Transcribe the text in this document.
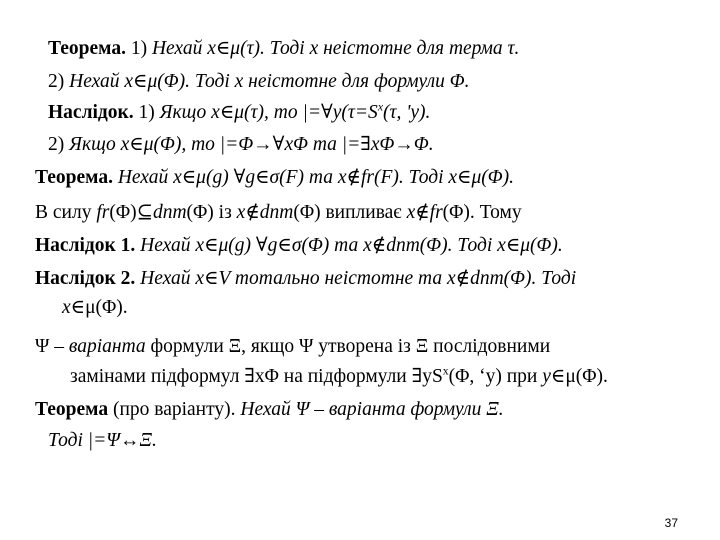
Теорема. 1) Нехай x∈μ(τ). Тоді x неістотне для терма τ.
2) Нехай x∈μ(Φ). Тоді x неістотне для формули Φ.
Наслідок. 1) Якщо x∈μ(τ), то $|=\forall y(\tau=S^x(\tau$, 'y).
2) Якщо x∈μ(Φ), то |=Φ→∀xΦ та |=∃xΦ→Φ.
Теорема. Нехай x∈μ(g) ∀g∈σ(F) та x∉fr(F). Тоді x∈μ(Φ).
В силу fr(Φ)⊆dnm(Φ) із x∉dnm(Φ) випливає x∉fr(Φ). Тому
Наслідок 1. Нехай x∈μ(g) ∀g∈σ(Φ) та x∉dnm(Φ). Тоді x∈μ(Φ).
Наслідок 2. Нехай x∈V тотально неістотне та x∉dnm(Φ). Тоді
x∈μ(Φ).
Ψ – варіанта формули Ξ, якщо Ψ утворена із Ξ послідовними
замінами підформул ∃xΦ на підформули $\exists yS^x(\Phi$, ‘y) при y∈μ(Φ).
Теорема (про варіанту). Нехай Ψ – варіанта формули Ξ.
Тоді |=Ψ↔Ξ.
37
